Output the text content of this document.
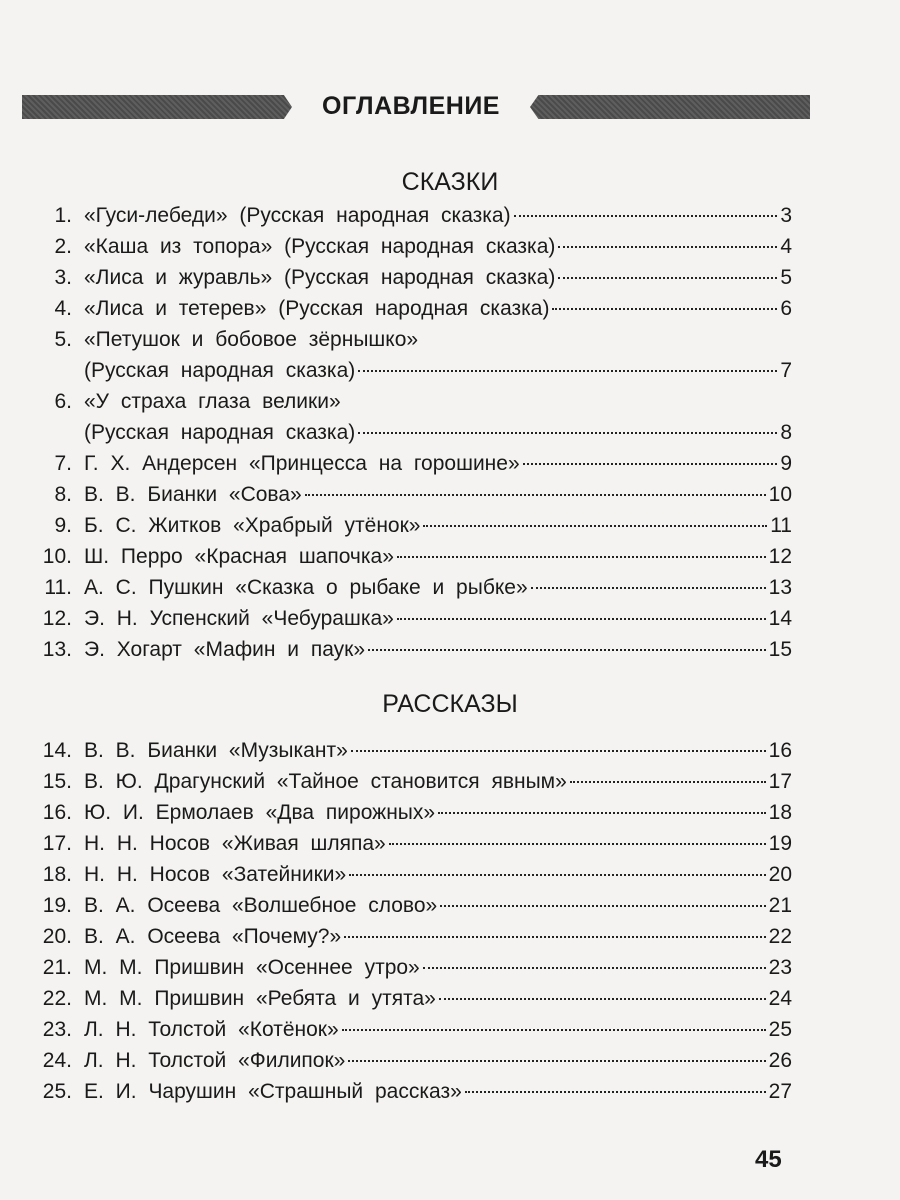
ОГЛАВЛЕНИЕ
СКАЗКИ
1. «Гуси-лебеди» (Русская народная сказка)	3
2. «Каша из топора» (Русская народная сказка)	4
3. «Лиса и журавль» (Русская народная сказка)	5
4. «Лиса и тетерев» (Русская народная сказка)	6
5. «Петушок и бобовое зёрнышко»
(Русская народная сказка)	7
6. «У страха глаза велики»
(Русская народная сказка)	8
7. Г. Х. Андерсен «Принцесса на горошине»	9
8. В. В. Бианки «Сова»	10
9. Б. С. Житков «Храбрый утёнок»	11
10. Ш. Перро «Красная шапочка»	12
11. А. С. Пушкин «Сказка о рыбаке и рыбке»	13
12. Э. Н. Успенский «Чебурашка»	14
13. Э. Хогарт «Мафин и паук»	15
РАССКАЗЫ
14. В. В. Бианки «Музыкант»	16
15. В. Ю. Драгунский «Тайное становится явным»	17
16. Ю. И. Ермолаев «Два пирожных»	18
17. Н. Н. Носов «Живая шляпа»	19
18. Н. Н. Носов «Затейники»	20
19. В. А. Осеева «Волшебное слово»	21
20. В. А. Осеева «Почему?»	22
21. М. М. Пришвин «Осеннее утро»	23
22. М. М. Пришвин «Ребята и утята»	24
23. Л. Н. Толстой «Котёнок»	25
24. Л. Н. Толстой «Филипок»	26
25. Е. И. Чарушин «Страшный рассказ»	27
45
